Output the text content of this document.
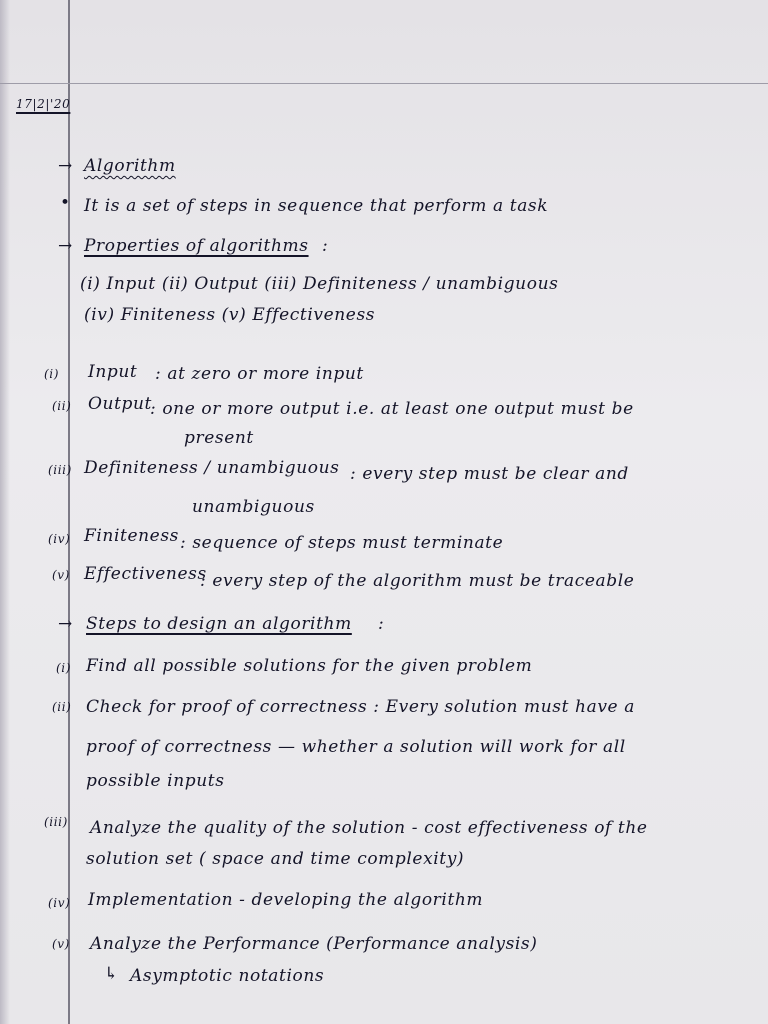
17|2|'20
→ Algorithm
• It is a set of steps in sequence that perform a task
→ Properties of algorithms :
(i) Input (ii) Output (iii) Definiteness / unambiguous
(iv) Finiteness (v) Effectiveness
(i) Input : at zero or more input
(ii) Output
: one or more output i.e. at least one output must be
present
(iii) Definiteness / unambiguous : every step must be clear and
unambiguous
(iv) Finiteness : sequence of steps must terminate
(v) Effectiveness
: every step of the algorithm must be traceable
→ Steps to design an algorithm :
(i) Find all possible solutions for the given problem
(ii) Check for proof of correctness : Every solution must have a
proof of correctness — whether a solution will work for all
possible inputs
(iii) Analyze the quality of the solution - cost effectiveness of the
solution set ( space and time complexity)
(iv) Implementation - developing the algorithm
(v) Analyze the Performance (Performance analysis)
↳ Asymptotic notations
